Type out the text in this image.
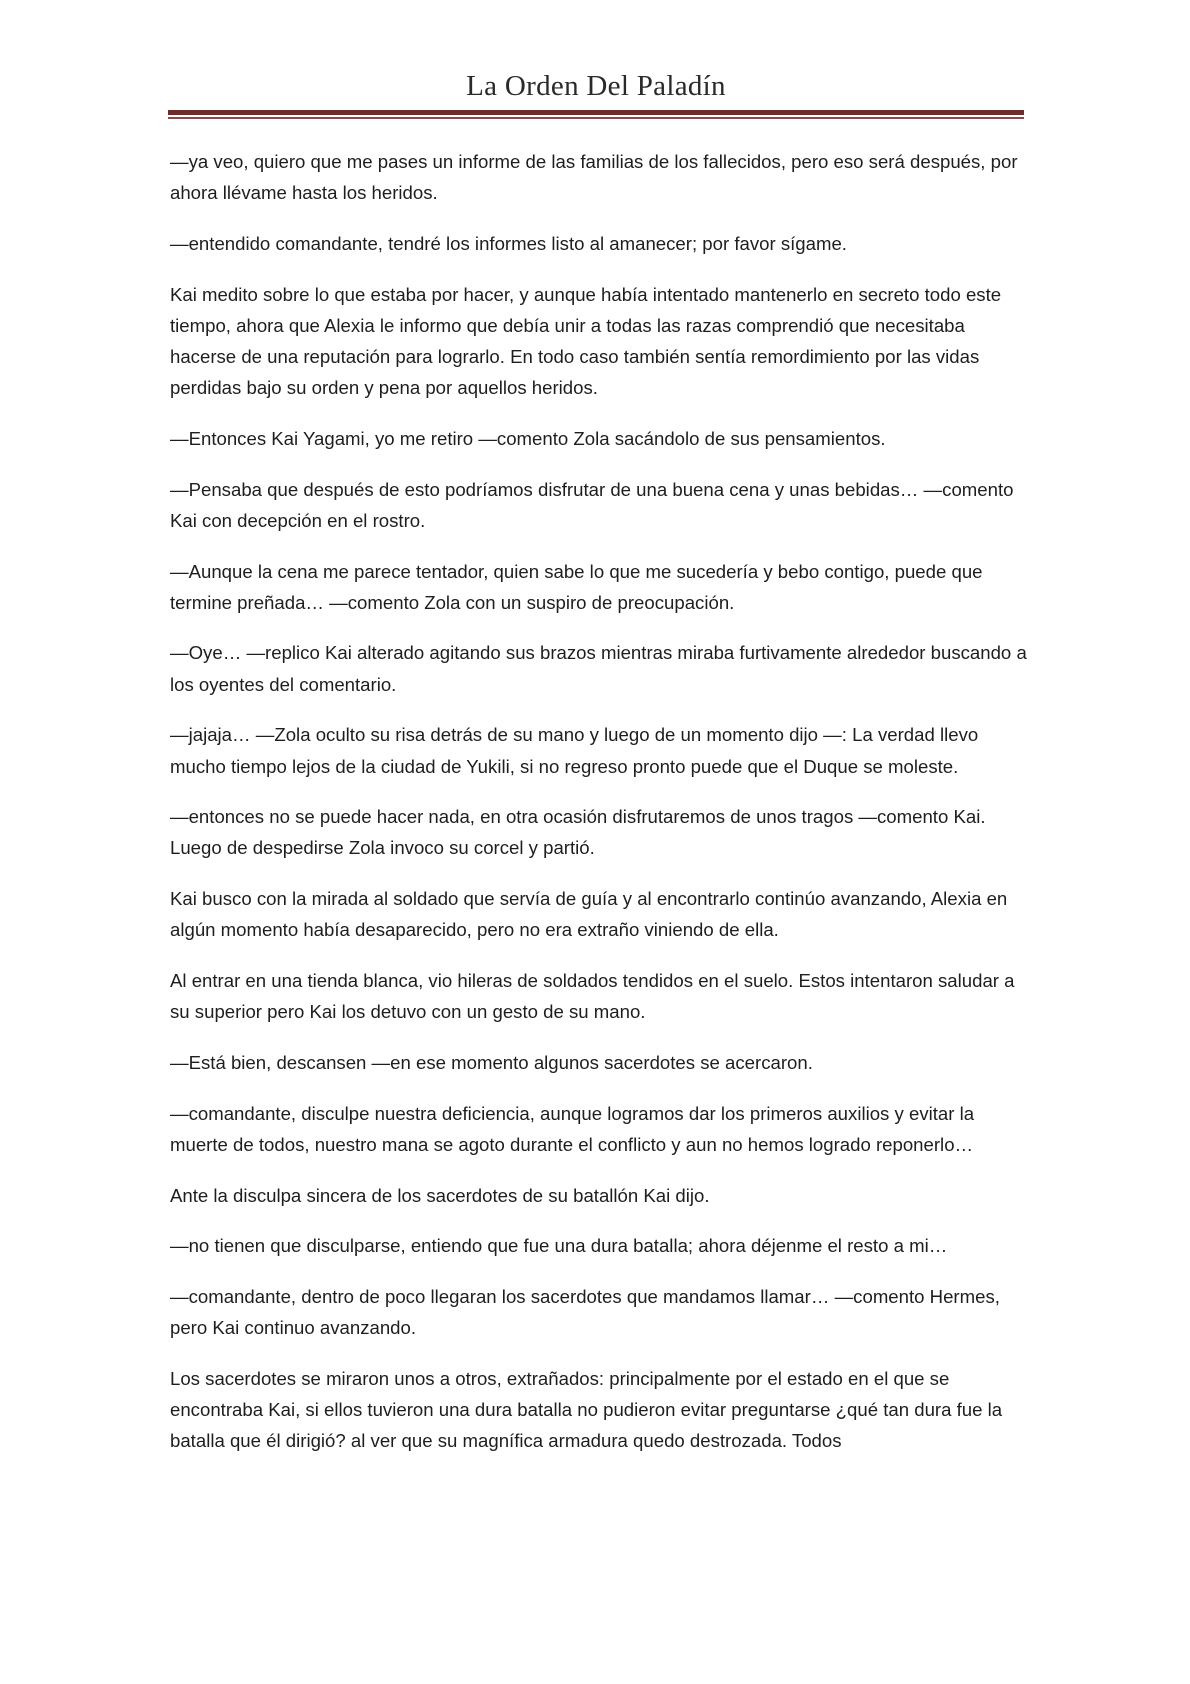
La Orden Del Paladín

—ya veo, quiero que me pases un informe de las familias de los fallecidos, pero eso será después, por ahora llévame hasta los heridos.

—entendido comandante, tendré los informes listo al amanecer; por favor sígame.

Kai medito sobre lo que estaba por hacer, y aunque había intentado mantenerlo en secreto todo este tiempo, ahora que Alexia le informo que debía unir a todas las razas comprendió que necesitaba hacerse de una reputación para lograrlo. En todo caso también sentía remordimiento por las vidas perdidas bajo su orden y pena por aquellos heridos.

—Entonces Kai Yagami, yo me retiro —comento Zola sacándolo de sus pensamientos.

—Pensaba que después de esto podríamos disfrutar de una buena cena y unas bebidas… —comento Kai con decepción en el rostro.

—Aunque la cena me parece tentador, quien sabe lo que me sucedería y bebo contigo, puede que termine preñada… —comento Zola con un suspiro de preocupación.

—Oye… —replico Kai alterado agitando sus brazos mientras miraba furtivamente alrededor buscando a los oyentes del comentario.

—jajaja… —Zola oculto su risa detrás de su mano y luego de un momento dijo —: La verdad llevo mucho tiempo lejos de la ciudad de Yukili, si no regreso pronto puede que el Duque se moleste.

—entonces no se puede hacer nada, en otra ocasión disfrutaremos de unos tragos —comento Kai. Luego de despedirse Zola invoco su corcel y partió.

Kai busco con la mirada al soldado que servía de guía y al encontrarlo continúo avanzando, Alexia en algún momento había desaparecido, pero no era extraño viniendo de ella.

Al entrar en una tienda blanca, vio hileras de soldados tendidos en el suelo. Estos intentaron saludar a su superior pero Kai los detuvo con un gesto de su mano.

—Está bien, descansen —en ese momento algunos sacerdotes se acercaron.

—comandante, disculpe nuestra deficiencia, aunque logramos dar los primeros auxilios y evitar la muerte de todos, nuestro mana se agoto durante el conflicto y aun no hemos logrado reponerlo…

Ante la disculpa sincera de los sacerdotes de su batallón Kai dijo.

—no tienen que disculparse, entiendo que fue una dura batalla; ahora déjenme el resto a mi…

—comandante, dentro de poco llegaran los sacerdotes que mandamos llamar… —comento Hermes, pero Kai continuo avanzando.

Los sacerdotes se miraron unos a otros, extrañados: principalmente por el estado en el que se encontraba Kai, si ellos tuvieron una dura batalla no pudieron evitar preguntarse ¿qué tan dura fue la batalla que él dirigió? al ver que su magnífica armadura quedo destrozada. Todos
